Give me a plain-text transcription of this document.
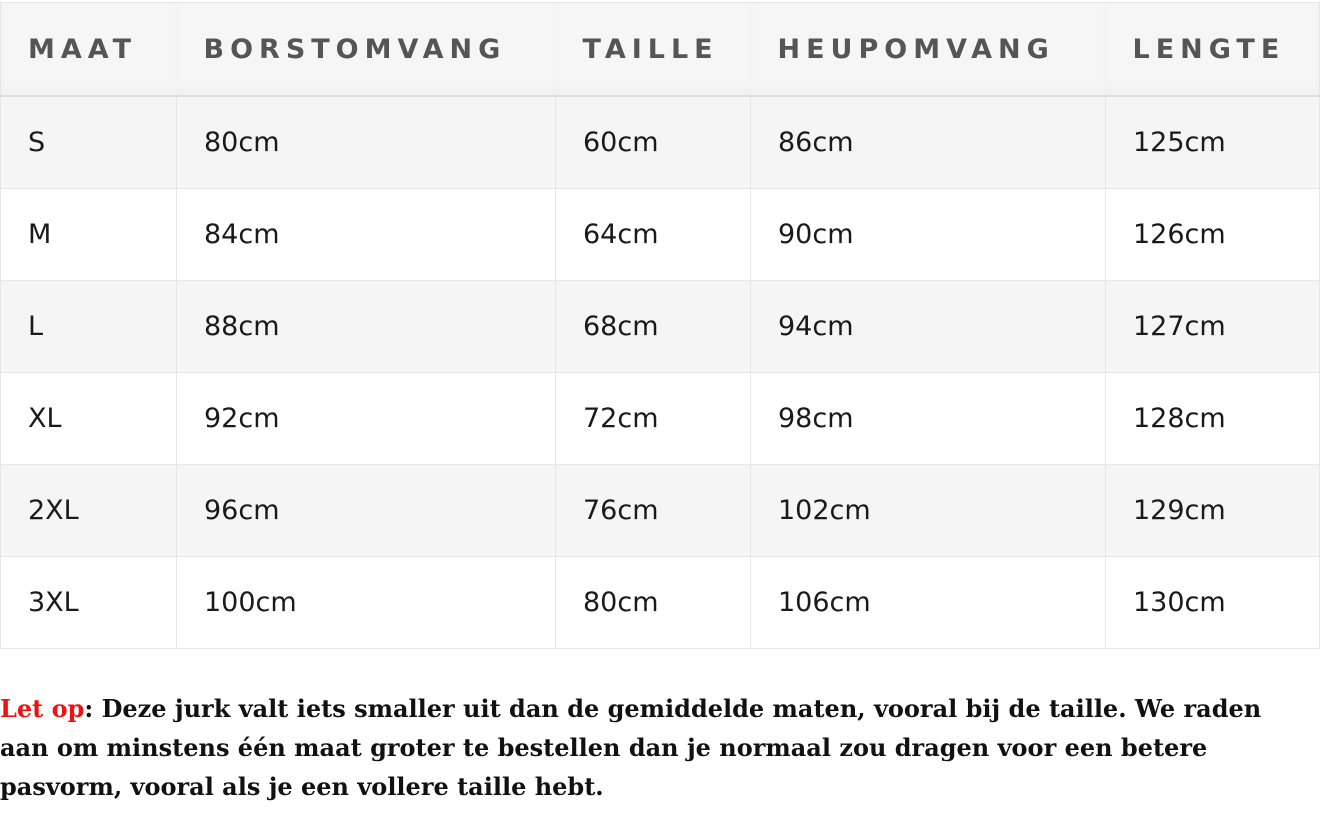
MAAT	BORSTOMVANG	TAILLE	HEUPOMVANG	LENGTE
S	80cm	60cm	86cm	125cm
M	84cm	64cm	90cm	126cm
L	88cm	68cm	94cm	127cm
XL	92cm	72cm	98cm	128cm
2XL	96cm	76cm	102cm	129cm
3XL	100cm	80cm	106cm	130cm

Let op: Deze jurk valt iets smaller uit dan de gemiddelde maten, vooral bij de taille. We raden aan om minstens één maat groter te bestellen dan je normaal zou dragen voor een betere pasvorm, vooral als je een vollere taille hebt.
